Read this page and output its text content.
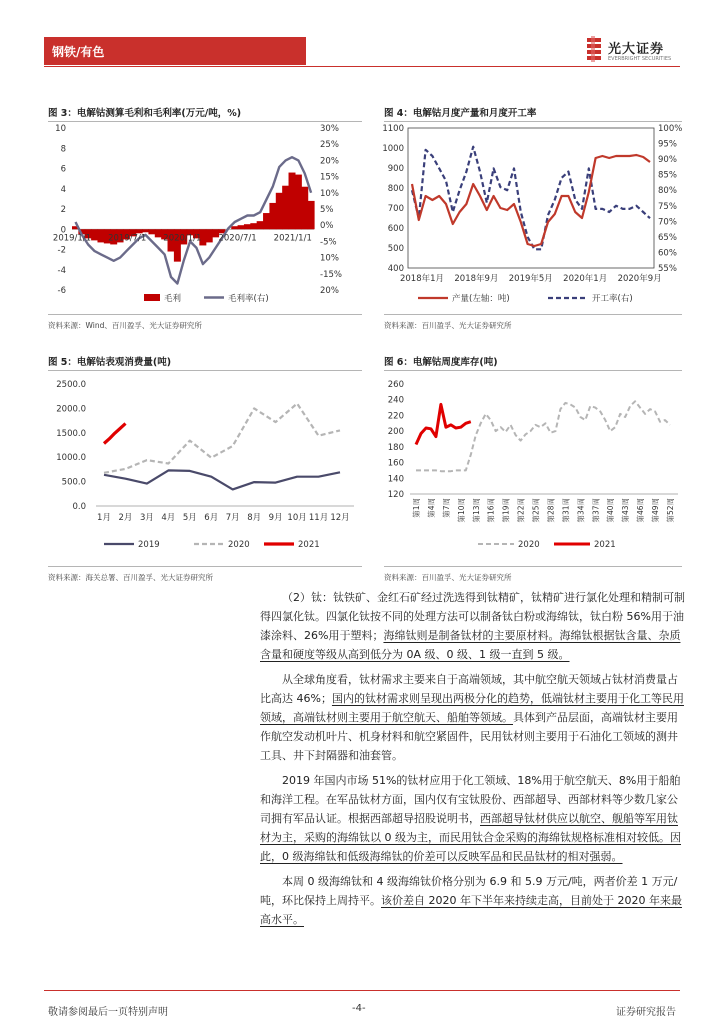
钢铁/有色	光大证券
EVERBRIGHT SECURITIES
图 3：电解钴测算毛利和毛利率(万元/吨，%)
10
8
6
4
2
0
-2
-4
-6
30%
25%
20%
15%
10%
5%
0%
-5%
10%
-15%
20%
2019/1/1 2019/7/1 2020/1/1 2020/7/1 2021/1/1
毛利	毛利率(右)
资料来源：Wind、百川盈孚、光大证券研究所
图 4：电解钴月度产量和月度开工率
1100
1000
900
800
700
600
500
400
100%
95%
90%
85%
80%
75%
70%
65%
60%
55%
2018年1月 2018年9月 2019年5月 2020年1月 2020年9月
产量(左轴：吨)	开工率(右)
资料来源：百川盈孚、光大证券研究所
图 5：电解钴表观消费量(吨)
2500.0
2000.0
1500.0
1000.0
500.0
0.0
1月 2月 3月 4月 5月 6月 7月 8月 9月 10月 11月 12月
2019	2020	2021
资料来源：海关总署、百川盈孚、光大证券研究所
图 6：电解钴周度库存(吨)
260
240
220
200
180
160
140
120
第1周 第4周 第7周 第10周 第13周 第16周 第19周 第22周 第25周 第28周 第31周 第34周 第37周 第40周 第43周 第46周 第49周 第52周
2020	2021
资料来源：百川盈孚、光大证券研究所

（2）钛：钛铁矿、金红石矿经过洗选得到钛精矿，钛精矿进行氯化处理和精制可制得四氯化钛。四氯化钛按不同的处理方法可以制备钛白粉或海绵钛，钛白粉 56%用于油漆涂料、26%用于塑料；海绵钛则是制备钛材的主要原材料。海绵钛根据钛含量、杂质含量和硬度等级从高到低分为 0A 级、0 级、1 级一直到 5 级。

从全球角度看，钛材需求主要来自于高端领域，其中航空航天领域占钛材消费量占比高达 46%；国内的钛材需求则呈现出两极分化的趋势，低端钛材主要用于化工等民用领域，高端钛材则主要用于航空航天、船舶等领域。具体到产品层面，高端钛材主要用作航空发动机叶片、机身材料和航空紧固件，民用钛材则主要用于石油化工领域的测井工具、井下封隔器和油套管。

2019 年国内市场 51%的钛材应用于化工领域、18%用于航空航天、8%用于船舶和海洋工程。在军品钛材方面，国内仅有宝钛股份、西部超导、西部材料等少数几家公司拥有军品认证。根据西部超导招股说明书，西部超导钛材供应以航空、舰船等军用钛材为主，采购的海绵钛以 0 级为主，而民用钛合金采购的海绵钛规格标准相对较低。因此，0 级海绵钛和低级海绵钛的价差可以反映军品和民品钛材的相对强弱。

本周 0 级海绵钛和 4 级海绵钛价格分别为 6.9 和 5.9 万元/吨，两者价差 1 万元/吨，环比保持上周持平。该价差自 2020 年下半年来持续走高，目前处于 2020 年来最高水平。

敬请参阅最后一页特别声明	-4-	证券研究报告
